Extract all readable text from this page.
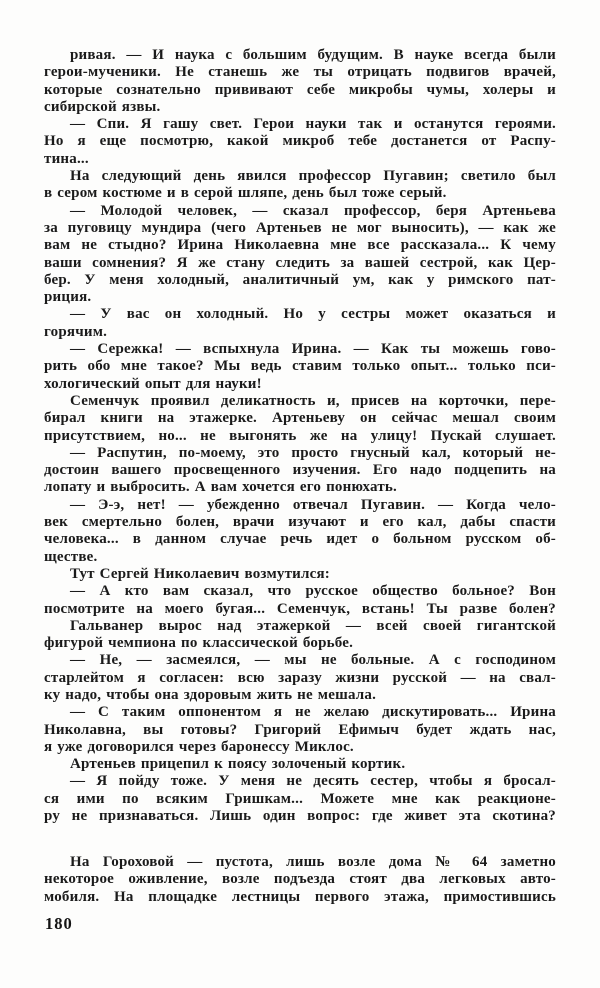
ривая. — И наука с большим будущим. В науке всегда были
герои-мученики. Не станешь же ты отрицать подвигов врачей,
которые сознательно прививают себе микробы чумы, холеры и
сибирской язвы.
— Спи. Я гашу свет. Герои науки так и останутся героями.
Но я еще посмотрю, какой микроб тебе достанется от Распу-
тина...
На следующий день явился профессор Пугавин; светило был
в сером костюме и в серой шляпе, день был тоже серый.
— Молодой человек, — сказал профессор, беря Артеньева
за пуговицу мундира (чего Артеньев не мог выносить), — как же
вам не стыдно? Ирина Николаевна мне все рассказала... К чему
ваши сомнения? Я же стану следить за вашей сестрой, как Цер-
бер. У меня холодный, аналитичный ум, как у римского пат-
риция.
— У вас он холодный. Но у сестры может оказаться и
горячим.
— Сережка! — вспыхнула Ирина. — Как ты можешь гово-
рить обо мне такое? Мы ведь ставим только опыт... только пси-
хологический опыт для науки!
Семенчук проявил деликатность и, присев на корточки, пере-
бирал книги на этажерке. Артеньеву он сейчас мешал своим
присутствием, но... не выгонять же на улицу! Пускай слушает.
— Распутин, по-моему, это просто гнусный кал, который не-
достоин вашего просвещенного изучения. Его надо подцепить на
лопату и выбросить. А вам хочется его понюхать.
— Э-э, нет! — убежденно отвечал Пугавин. — Когда чело-
век смертельно болен, врачи изучают и его кал, дабы спасти
человека... в данном случае речь идет о больном русском об-
ществе.
Тут Сергей Николаевич возмутился:
— А кто вам сказал, что русское общество больное? Вон
посмотрите на моего бугая... Семенчук, встань! Ты разве болен?
Гальванер вырос над этажеркой — всей своей гигантской
фигурой чемпиона по классической борьбе.
— Не, — засмеялся, — мы не больные. А с господином
старлейтом я согласен: всю заразу жизни русской — на свал-
ку надо, чтобы она здоровым жить не мешала.
— С таким оппонентом я не желаю дискутировать... Ирина
Николавна, вы готовы? Григорий Ефимыч будет ждать нас,
я уже договорился через баронессу Миклос.
Артеньев прицепил к поясу золоченый кортик.
— Я пойду тоже. У меня не десять сестер, чтобы я бросал-
ся ими по всяким Гришкам... Можете мне как реакционе-
ру не признаваться. Лишь один вопрос: где живет эта скотина?
На Гороховой — пустота, лишь возле дома № 64 заметно
некоторое оживление, возле подъезда стоят два легковых авто-
мобиля. На площадке лестницы первого этажа, примостившись
180
